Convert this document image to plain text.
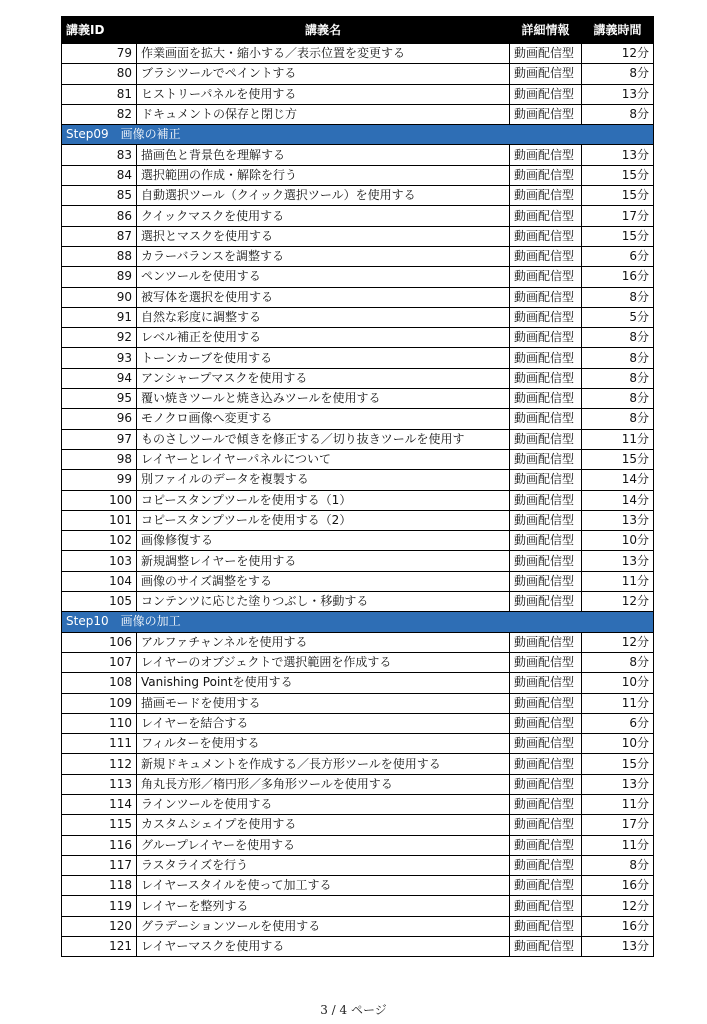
講義ID	講義名	詳細情報	講義時間
79	作業画面を拡大・縮小する／表示位置を変更する	動画配信型	12分
80	ブラシツールでペイントする	動画配信型	8分
81	ヒストリーパネルを使用する	動画配信型	13分
82	ドキュメントの保存と閉じ方	動画配信型	8分
Step09　画像の補正			
83	描画色と背景色を理解する	動画配信型	13分
84	選択範囲の作成・解除を行う	動画配信型	15分
85	自動選択ツール（クイック選択ツール）を使用する	動画配信型	15分
86	クイックマスクを使用する	動画配信型	17分
87	選択とマスクを使用する	動画配信型	15分
88	カラーバランスを調整する	動画配信型	6分
89	ペンツールを使用する	動画配信型	16分
90	被写体を選択を使用する	動画配信型	8分
91	自然な彩度に調整する	動画配信型	5分
92	レベル補正を使用する	動画配信型	8分
93	トーンカーブを使用する	動画配信型	8分
94	アンシャープマスクを使用する	動画配信型	8分
95	覆い焼きツールと焼き込みツールを使用する	動画配信型	8分
96	モノクロ画像へ変更する	動画配信型	8分
97	ものさしツールで傾きを修正する／切り抜きツールを使用す	動画配信型	11分
98	レイヤーとレイヤーパネルについて	動画配信型	15分
99	別ファイルのデータを複製する	動画配信型	14分
100	コピースタンプツールを使用する（1）	動画配信型	14分
101	コピースタンプツールを使用する（2）	動画配信型	13分
102	画像修復する	動画配信型	10分
103	新規調整レイヤーを使用する	動画配信型	13分
104	画像のサイズ調整をする	動画配信型	11分
105	コンテンツに応じた塗りつぶし・移動する	動画配信型	12分
Step10　画像の加工			
106	アルファチャンネルを使用する	動画配信型	12分
107	レイヤーのオブジェクトで選択範囲を作成する	動画配信型	8分
108	Vanishing Pointを使用する	動画配信型	10分
109	描画モードを使用する	動画配信型	11分
110	レイヤーを結合する	動画配信型	6分
111	フィルターを使用する	動画配信型	10分
112	新規ドキュメントを作成する／長方形ツールを使用する	動画配信型	15分
113	角丸長方形／楕円形／多角形ツールを使用する	動画配信型	13分
114	ラインツールを使用する	動画配信型	11分
115	カスタムシェイプを使用する	動画配信型	17分
116	グループレイヤーを使用する	動画配信型	11分
117	ラスタライズを行う	動画配信型	8分
118	レイヤースタイルを使って加工する	動画配信型	16分
119	レイヤーを整列する	動画配信型	12分
120	グラデーションツールを使用する	動画配信型	16分
121	レイヤーマスクを使用する	動画配信型	13分
3 / 4 ページ
